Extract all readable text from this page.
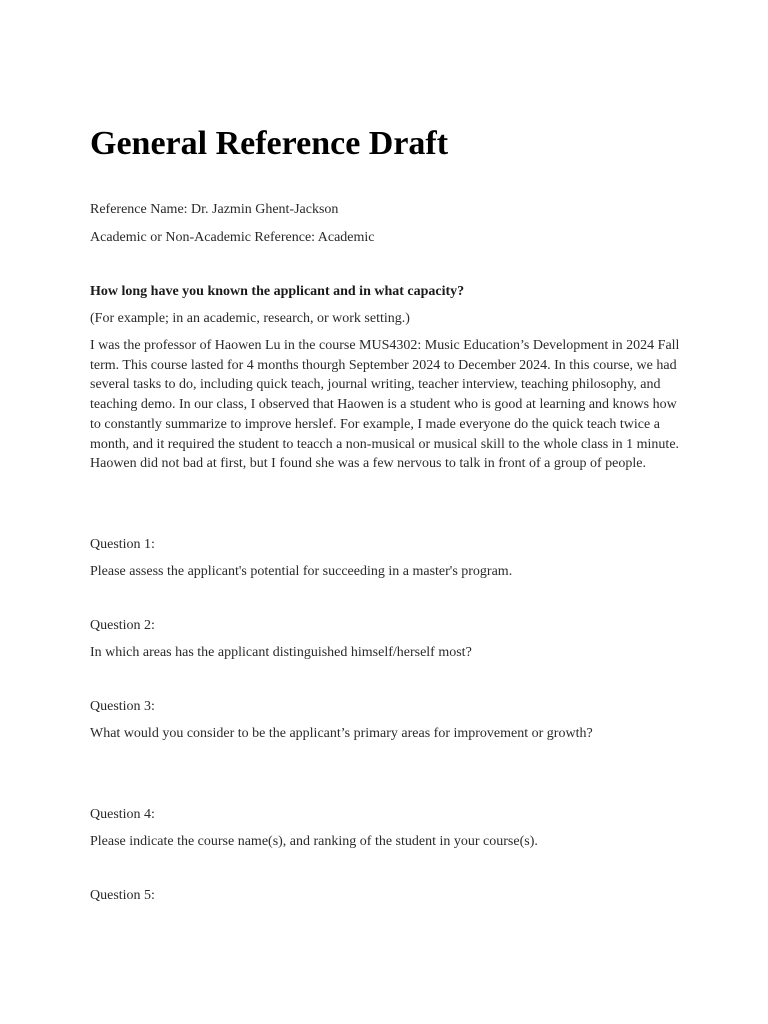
General Reference Draft

Reference Name: Dr. Jazmin Ghent-Jackson

Academic or Non-Academic Reference: Academic

How long have you known the applicant and in what capacity?

(For example; in an academic, research, or work setting.)

I was the professor of Haowen Lu in the course MUS4302: Music Education’s Development in 2024 Fall term. This course lasted for 4 months thourgh September 2024 to December 2024. In this course, we had several tasks to do, including quick teach, journal writing, teacher interview, teaching philosophy, and teaching demo. In our class, I observed that Haowen is a student who is good at learning and knows how to constantly summarize to improve herslef. For example, I made everyone do the quick teach twice a month, and it required the student to teacch a non-musical or musical skill to the whole class in 1 minute. Haowen did not bad at first, but I found she was a few nervous to talk in front of a group of people.

Question 1:

Please assess the applicant's potential for succeeding in a master's program.

Question 2:

In which areas has the applicant distinguished himself/herself most?

Question 3:

What would you consider to be the applicant’s primary areas for improvement or growth?

Question 4:

Please indicate the course name(s), and ranking of the student in your course(s).

Question 5:
